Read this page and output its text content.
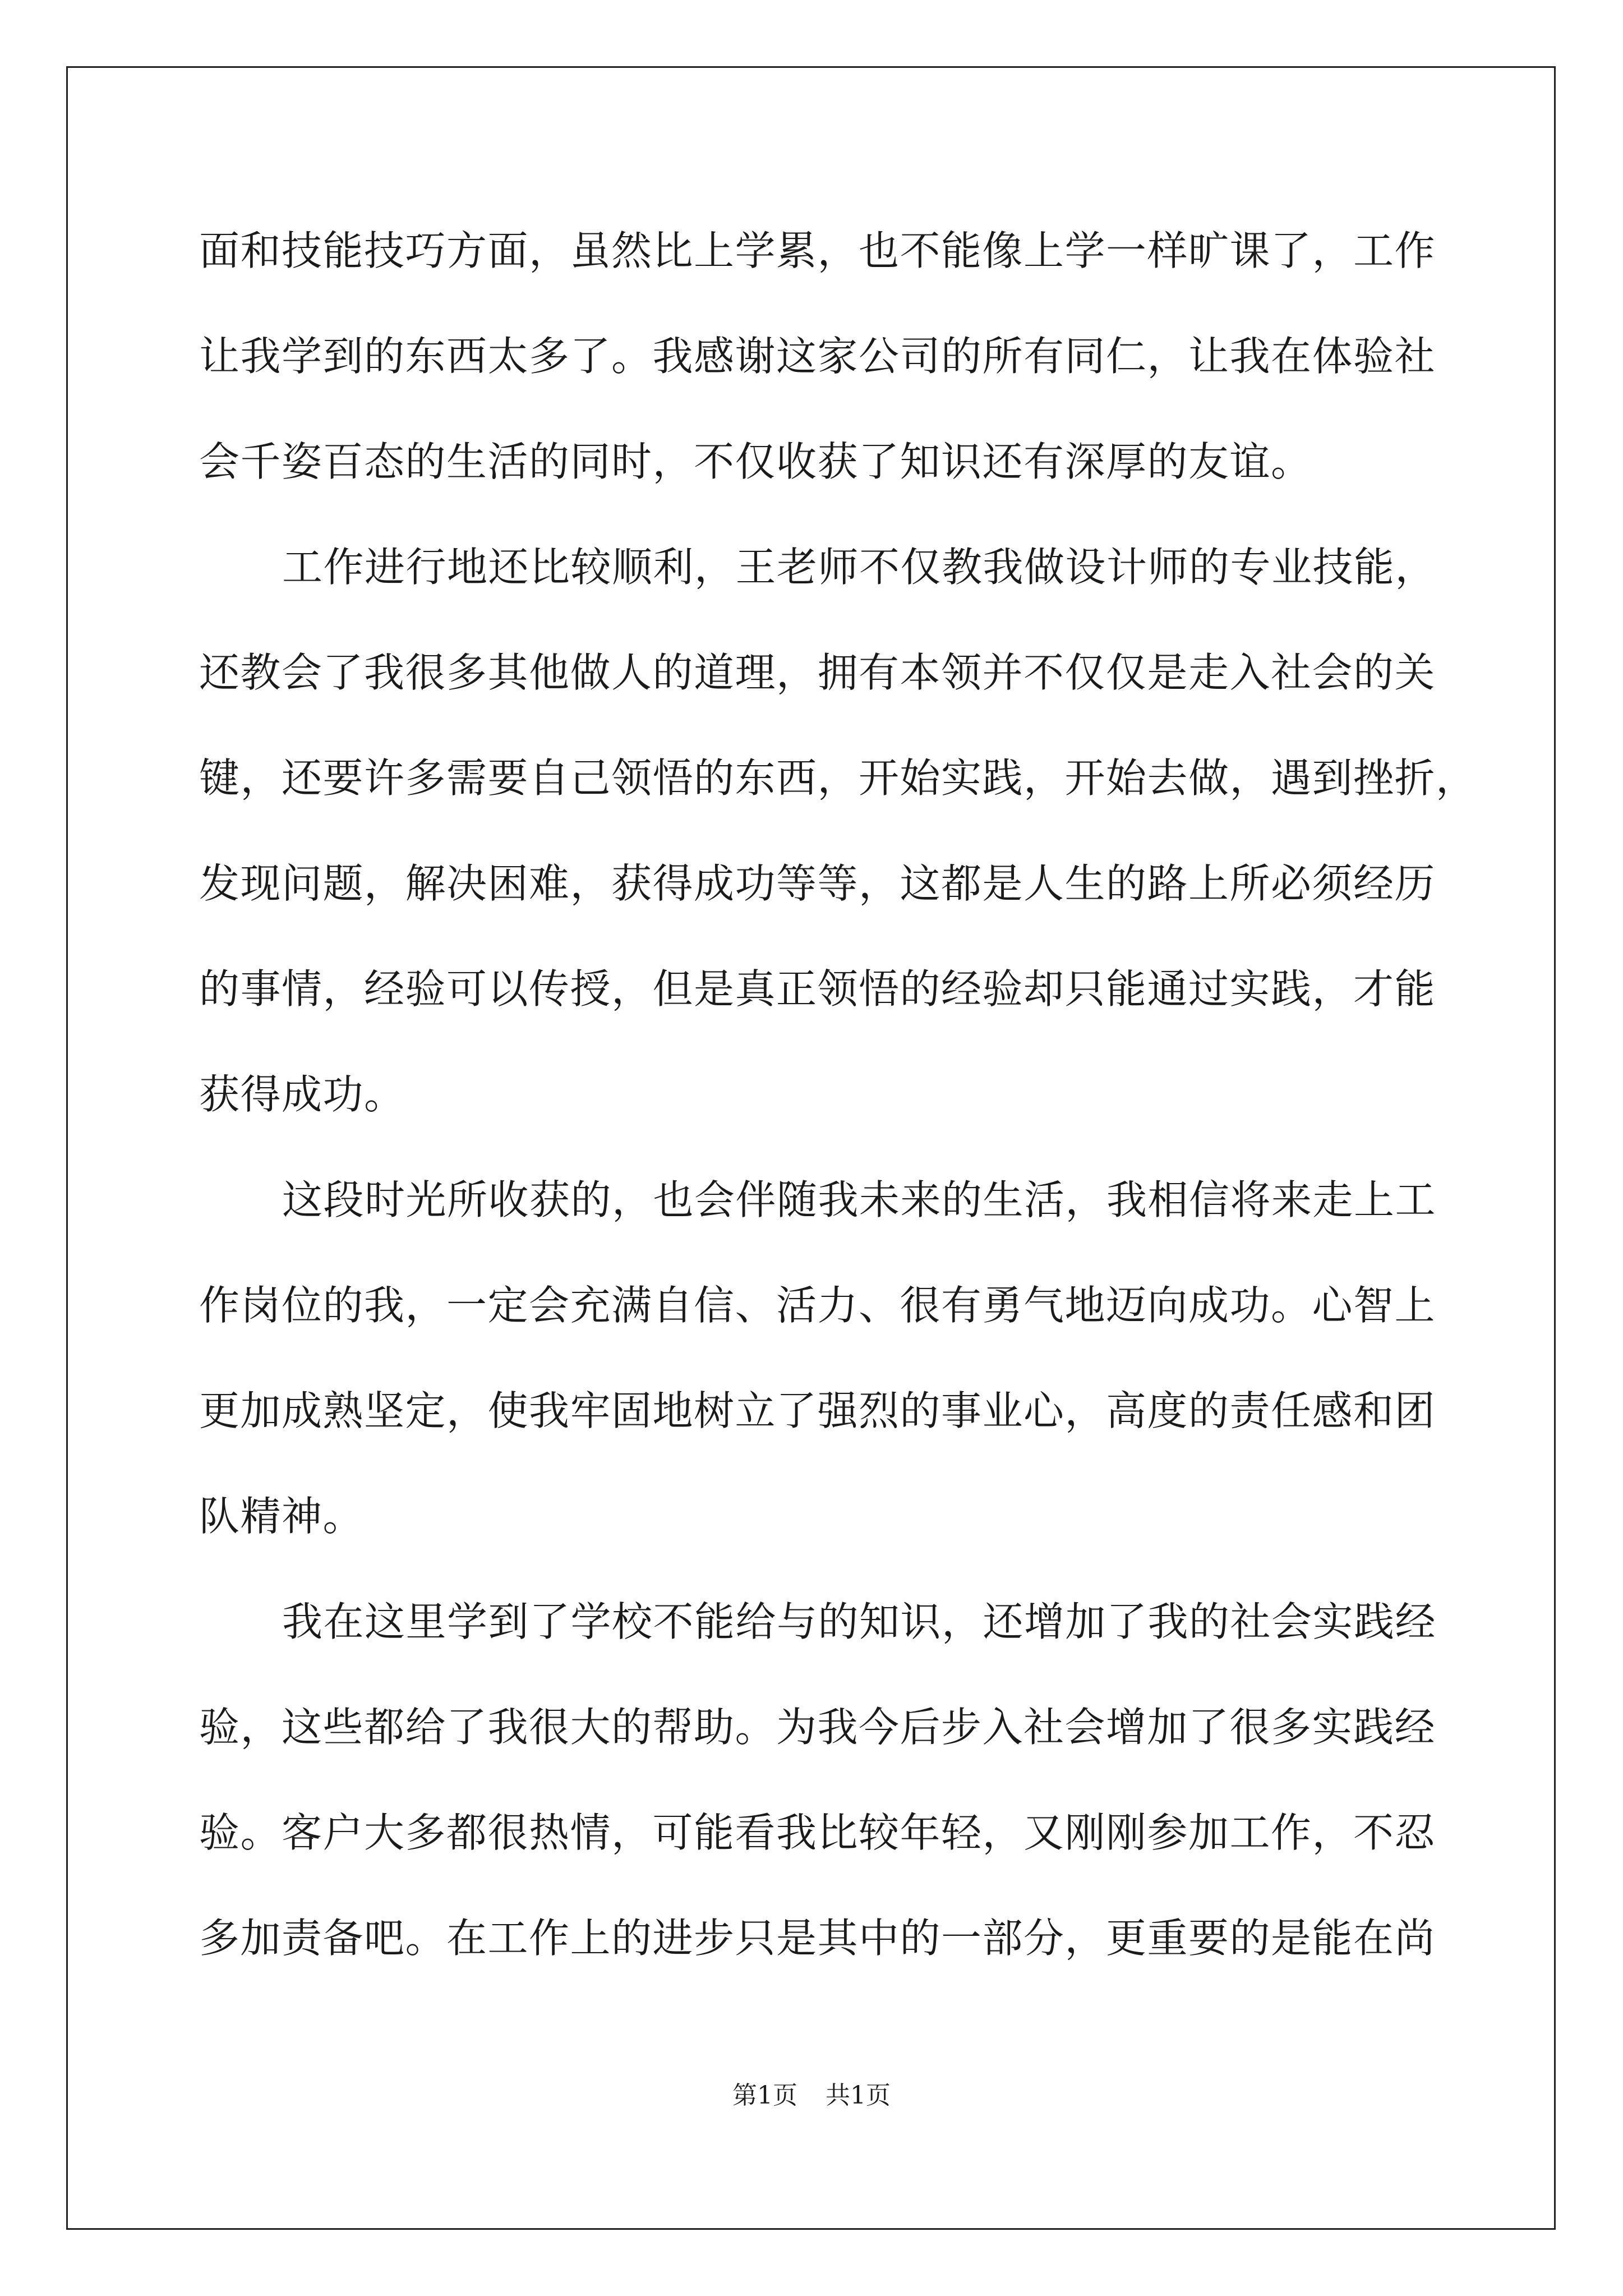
面和技能技巧方面，虽然比上学累，也不能像上学一样旷课了，工作

让我学到的东西太多了。我感谢这家公司的所有同仁，让我在体验社

会千姿百态的生活的同时，不仅收获了知识还有深厚的友谊。

工作进行地还比较顺利，王老师不仅教我做设计师的专业技能，

还教会了我很多其他做人的道理，拥有本领并不仅仅是走入社会的关

键，还要许多需要自己领悟的东西，开始实践，开始去做，遇到挫折，

发现问题，解决困难，获得成功等等，这都是人生的路上所必须经历

的事情，经验可以传授，但是真正领悟的经验却只能通过实践，才能

获得成功。

这段时光所收获的，也会伴随我未来的生活，我相信将来走上工

作岗位的我，一定会充满自信、活力、很有勇气地迈向成功。心智上

更加成熟坚定，使我牢固地树立了强烈的事业心，高度的责任感和团

队精神。

我在这里学到了学校不能给与的知识，还增加了我的社会实践经

验，这些都给了我很大的帮助。为我今后步入社会增加了很多实践经

验。客户大多都很热情，可能看我比较年轻，又刚刚参加工作，不忍

多加责备吧。在工作上的进步只是其中的一部分，更重要的是能在尚

第1页 共1页
